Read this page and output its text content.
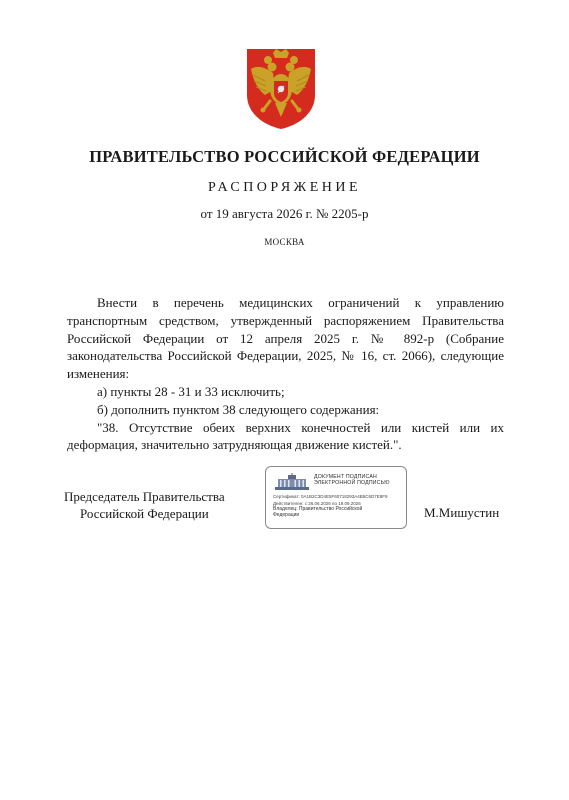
ПРАВИТЕЛЬСТВО РОССИЙСКОЙ ФЕДЕРАЦИИ
РАСПОРЯЖЕНИЕ
от 19 августа 2026 г. № 2205-р
МОСКВА

Внести в перечень медицинских ограничений к управлению транспортным средством, утвержденный распоряжением Правительства Российской Федерации от 12 апреля 2025 г. № 892-р (Собрание законодательства Российской Федерации, 2025, № 16, ст. 2066), следующие изменения:

а) пункты 28 - 31 и 33 исключить;

б) дополнить пунктом 38 следующего содержания:

"38. Отсутствие обеих верхних конечностей или кистей или их деформация, значительно затрудняющая движение кистей.".

Председатель Правительства
Российской Федерации
ДОКУМЕНТ ПОДПИСАН
ЭЛЕКТРОННОЙ ПОДПИСЬЮ
Сертификат: 0A1B2C3D4E5F60718293A4B5C6D7E8F9
Действителен: с 26.06.2026 по 19.09.2026
Владелец: Правительство Российской
Федерации	М.Мишустин
